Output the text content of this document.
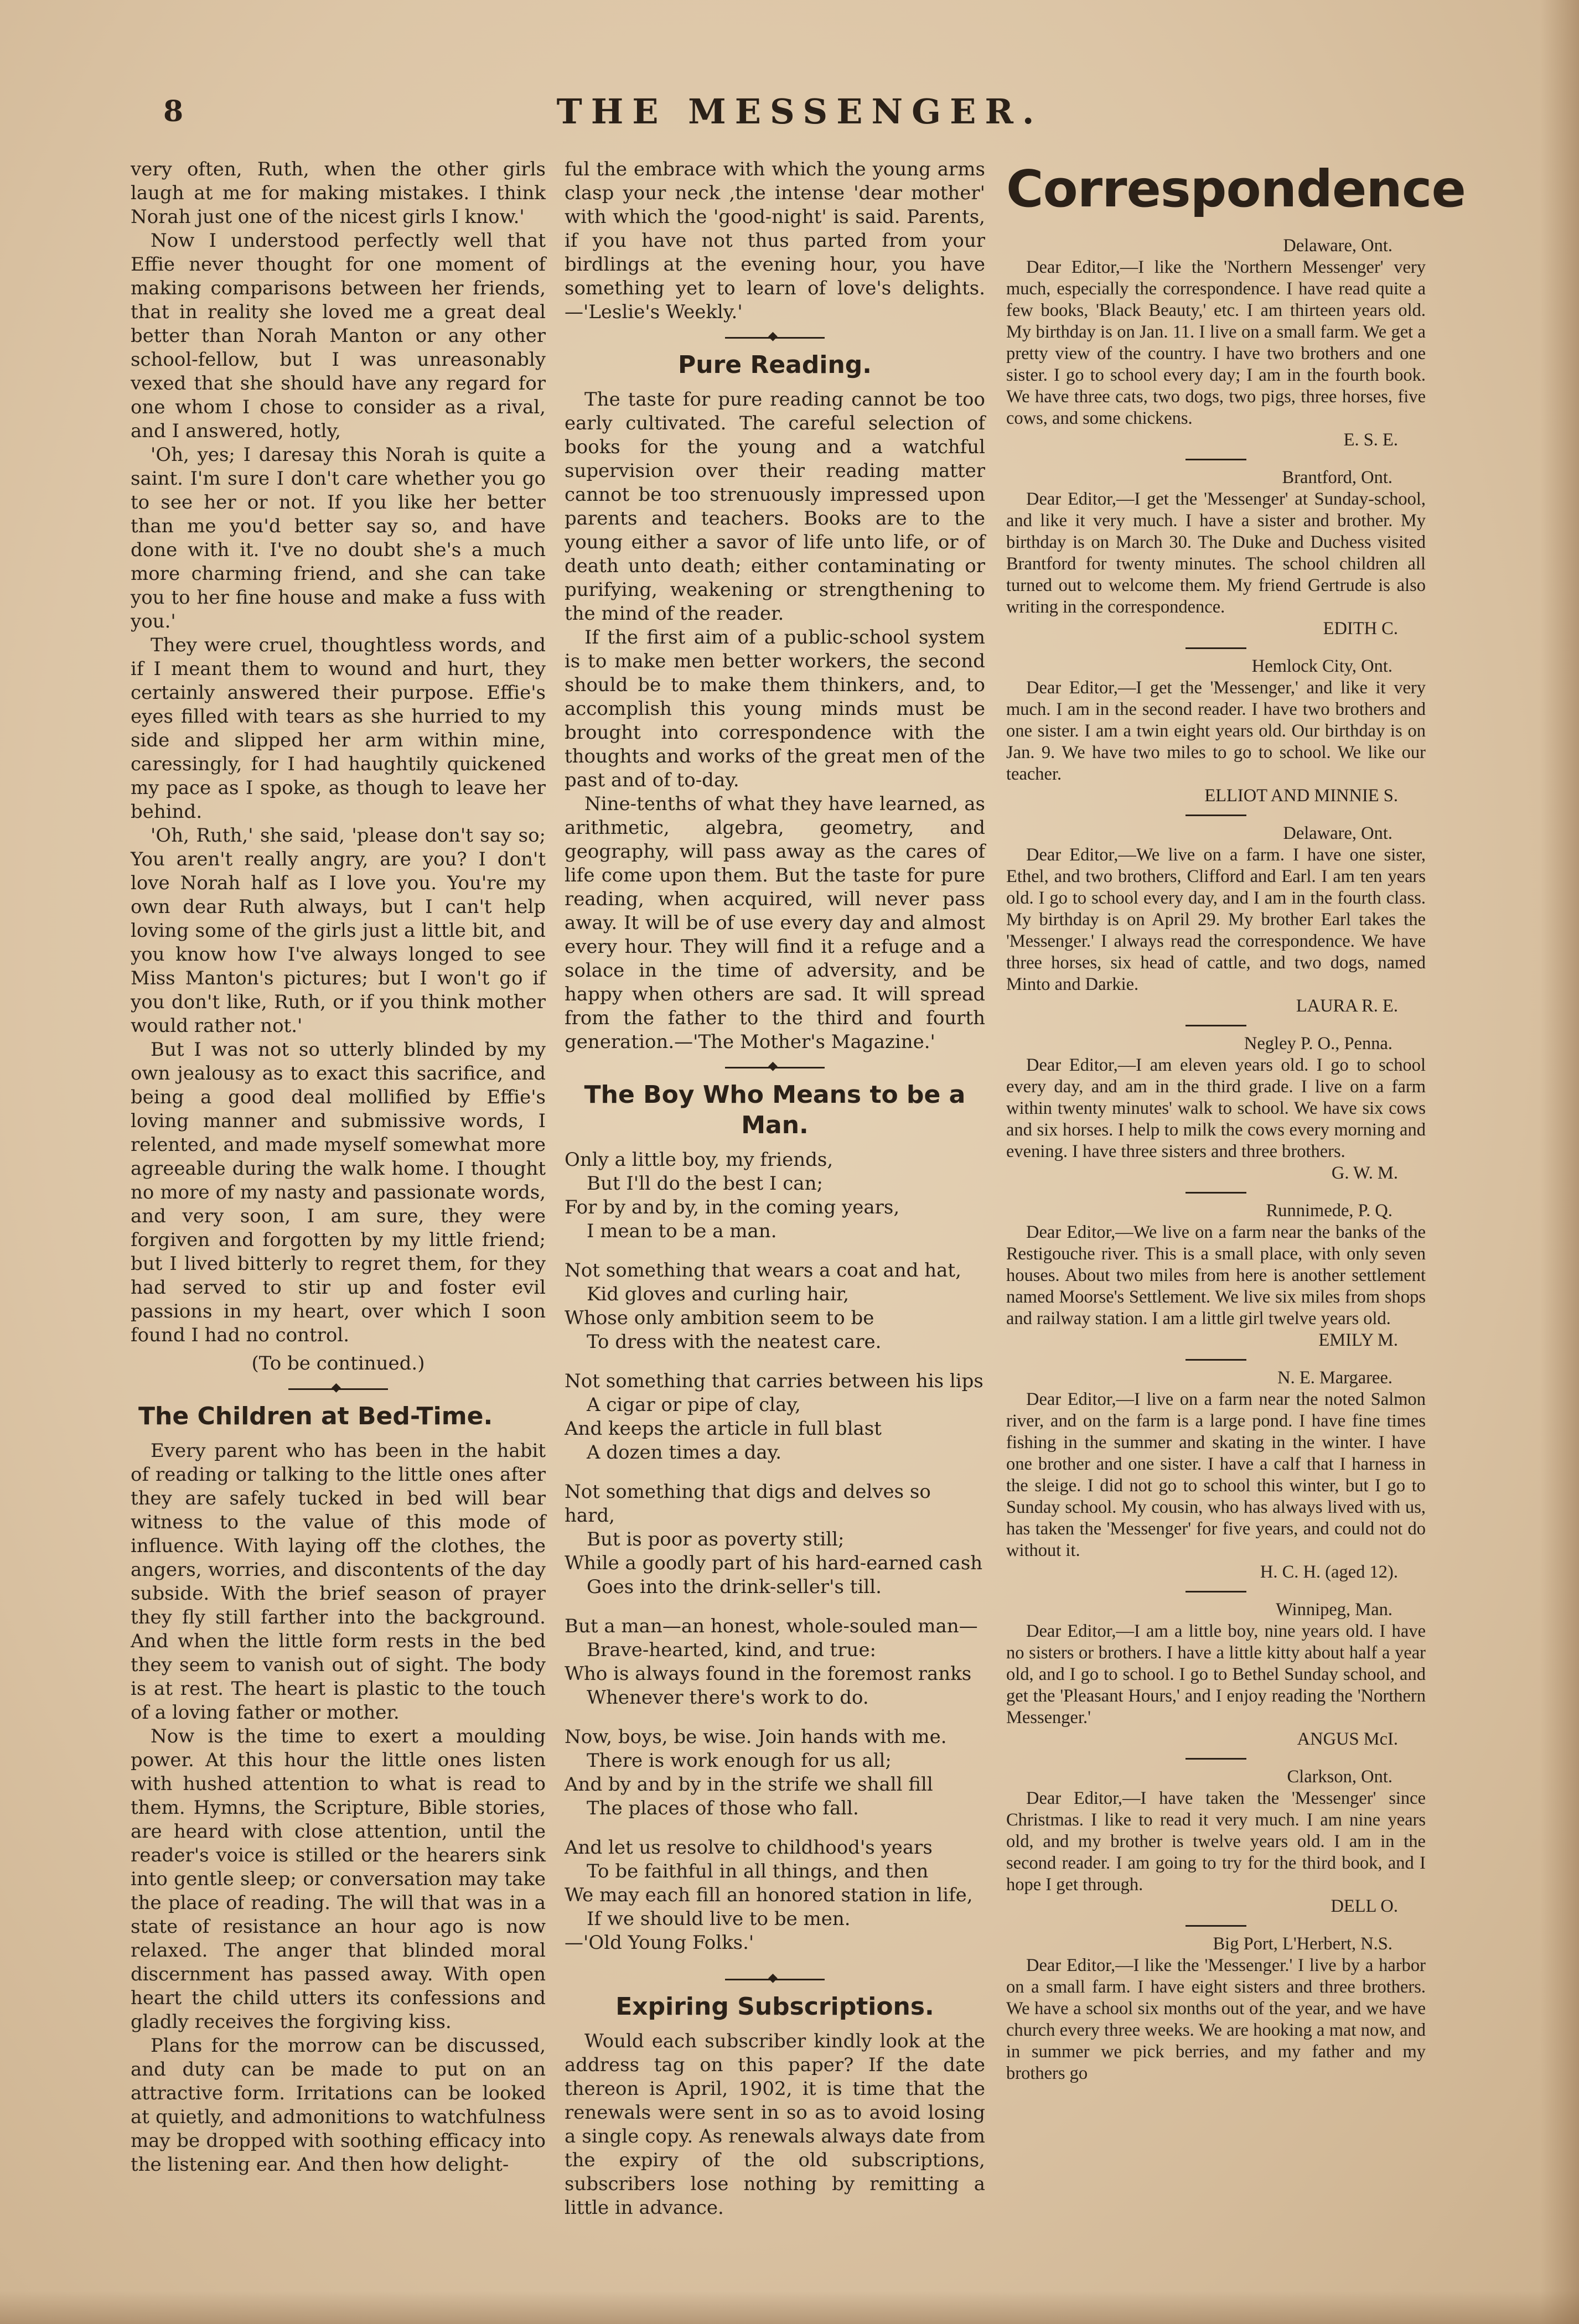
8	THE MESSENGER.

very often, Ruth, when the other girls laugh at me for making mistakes. I think Norah just one of the nicest girls I know.'

Now I understood perfectly well that Effie never thought for one moment of making comparisons between her friends, that in reality she loved me a great deal better than Norah Manton or any other school-fellow, but I was unreasonably vexed that she should have any regard for one whom I chose to consider as a rival, and I answered, hotly,

'Oh, yes; I daresay this Norah is quite a saint. I'm sure I don't care whether you go to see her or not. If you like her better than me you'd better say so, and have done with it. I've no doubt she's a much more charming friend, and she can take you to her fine house and make a fuss with you.'

They were cruel, thoughtless words, and if I meant them to wound and hurt, they certainly answered their purpose. Effie's eyes filled with tears as she hurried to my side and slipped her arm within mine, caressingly, for I had haughtily quickened my pace as I spoke, as though to leave her behind.

'Oh, Ruth,' she said, 'please don't say so; You aren't really angry, are you? I don't love Norah half as I love you. You're my own dear Ruth always, but I can't help loving some of the girls just a little bit, and you know how I've always longed to see Miss Manton's pictures; but I won't go if you don't like, Ruth, or if you think mother would rather not.'

But I was not so utterly blinded by my own jealousy as to exact this sacrifice, and being a good deal mollified by Effie's loving manner and submissive words, I relented, and made myself somewhat more agreeable during the walk home. I thought no more of my nasty and passionate words, and very soon, I am sure, they were forgiven and forgotten by my little friend; but I lived bitterly to regret them, for they had served to stir up and foster evil passions in my heart, over which I soon found I had no control.

(To be continued.)

◆
The Children at Bed-Time.

Every parent who has been in the habit of reading or talking to the little ones after they are safely tucked in bed will bear witness to the value of this mode of influence. With laying off the clothes, the angers, worries, and discontents of the day subside. With the brief season of prayer they fly still farther into the background. And when the little form rests in the bed they seem to vanish out of sight. The body is at rest. The heart is plastic to the touch of a loving father or mother.

Now is the time to exert a moulding power. At this hour the little ones listen with hushed attention to what is read to them. Hymns, the Scripture, Bible stories, are heard with close attention, until the reader's voice is stilled or the hearers sink into gentle sleep; or conversation may take the place of reading. The will that was in a state of resistance an hour ago is now relaxed. The anger that blinded moral discernment has passed away. With open heart the child utters its confessions and gladly receives the forgiving kiss.

Plans for the morrow can be discussed, and duty can be made to put on an attractive form. Irritations can be looked at quietly, and admonitions to watchfulness may be dropped with soothing efficacy into the listening ear. And then how delight-

ful the embrace with which the young arms clasp your neck ,the intense 'dear mother' with which the 'good-night' is said. Parents, if you have not thus parted from your birdlings at the evening hour, you have something yet to learn of love's delights.—'Leslie's Weekly.'

◆
Pure Reading.

The taste for pure reading cannot be too early cultivated. The careful selection of books for the young and a watchful supervision over their reading matter cannot be too strenuously impressed upon parents and teachers. Books are to the young either a savor of life unto life, or of death unto death; either contaminating or purifying, weakening or strengthening to the mind of the reader.

If the first aim of a public-school system is to make men better workers, the second should be to make them thinkers, and, to accomplish this young minds must be brought into correspondence with the thoughts and works of the great men of the past and of to-day.

Nine-tenths of what they have learned, as arithmetic, algebra, geometry, and geography, will pass away as the cares of life come upon them. But the taste for pure reading, when acquired, will never pass away. It will be of use every day and almost every hour. They will find it a refuge and a solace in the time of adversity, and be happy when others are sad. It will spread from the father to the third and fourth generation.—'The Mother's Magazine.'

◆
The Boy Who Means to be a Man.
Only a little boy, my friends,
But I'll do the best I can;
For by and by, in the coming years,
I mean to be a man.
Not something that wears a coat and hat,
Kid gloves and curling hair,
Whose only ambition seem to be
To dress with the neatest care.
Not something that carries between his lips
A cigar or pipe of clay,
And keeps the article in full blast
A dozen times a day.
Not something that digs and delves so hard,
But is poor as poverty still;
While a goodly part of his hard-earned cash
Goes into the drink-seller's till.
But a man—an honest, whole-souled man—
Brave-hearted, kind, and true:
Who is always found in the foremost ranks
Whenever there's work to do.
Now, boys, be wise. Join hands with me.
There is work enough for us all;
And by and by in the strife we shall fill
The places of those who fall.
And let us resolve to childhood's years
To be faithful in all things, and then
We may each fill an honored station in life,
If we should live to be men.
—'Old Young Folks.'
◆
Expiring Subscriptions.

Would each subscriber kindly look at the address tag on this paper? If the date thereon is April, 1902, it is time that the renewals were sent in so as to avoid losing a single copy. As renewals always date from the expiry of the old subscriptions, subscribers lose nothing by remitting a little in advance.

Correspondence
Delaware, Ont.
Dear Editor,—I like the 'Northern Messenger' very much, especially the correspondence. I have read quite a few books, 'Black Beauty,' etc. I am thirteen years old. My birthday is on Jan. 11. I live on a small farm. We get a pretty view of the country. I have two brothers and one sister. I go to school every day; I am in the fourth book. We have three cats, two dogs, two pigs, three horses, five cows, and some chickens.
E. S. E.
Brantford, Ont.
Dear Editor,—I get the 'Messenger' at Sunday-school, and like it very much. I have a sister and brother. My birthday is on March 30. The Duke and Duchess visited Brantford for twenty minutes. The school children all turned out to welcome them. My friend Gertrude is also writing in the correspondence.
EDITH C.
Hemlock City, Ont.
Dear Editor,—I get the 'Messenger,' and like it very much. I am in the second reader. I have two brothers and one sister. I am a twin eight years old. Our birthday is on Jan. 9. We have two miles to go to school. We like our teacher.
ELLIOT AND MINNIE S.
Delaware, Ont.
Dear Editor,—We live on a farm. I have one sister, Ethel, and two brothers, Clifford and Earl. I am ten years old. I go to school every day, and I am in the fourth class. My birthday is on April 29. My brother Earl takes the 'Messenger.' I always read the correspondence. We have three horses, six head of cattle, and two dogs, named Minto and Darkie.
LAURA R. E.
Negley P. O., Penna.
Dear Editor,—I am eleven years old. I go to school every day, and am in the third grade. I live on a farm within twenty minutes' walk to school. We have six cows and six horses. I help to milk the cows every morning and evening. I have three sisters and three brothers.
G. W. M.
Runnimede, P. Q.
Dear Editor,—We live on a farm near the banks of the Restigouche river. This is a small place, with only seven houses. About two miles from here is another settlement named Moorse's Settlement. We live six miles from shops and railway station. I am a little girl twelve years old.
EMILY M.
N. E. Margaree.
Dear Editor,—I live on a farm near the noted Salmon river, and on the farm is a large pond. I have fine times fishing in the summer and skating in the winter. I have one brother and one sister. I have a calf that I harness in the sleige. I did not go to school this winter, but I go to Sunday school. My cousin, who has always lived with us, has taken the 'Messenger' for five years, and could not do without it.
H. C. H. (aged 12).
Winnipeg, Man.
Dear Editor,—I am a little boy, nine years old. I have no sisters or brothers. I have a little kitty about half a year old, and I go to school. I go to Bethel Sunday school, and get the 'Pleasant Hours,' and I enjoy reading the 'Northern Messenger.'
ANGUS McI.
Clarkson, Ont.
Dear Editor,—I have taken the 'Messenger' since Christmas. I like to read it very much. I am nine years old, and my brother is twelve years old. I am in the second reader. I am going to try for the third book, and I hope I get through.
DELL O.
Big Port, L'Herbert, N.S.
Dear Editor,—I like the 'Messenger.' I live by a harbor on a small farm. I have eight sisters and three brothers. We have a school six months out of the year, and we have church every three weeks. We are hooking a mat now, and in summer we pick berries, and my father and my brothers go
